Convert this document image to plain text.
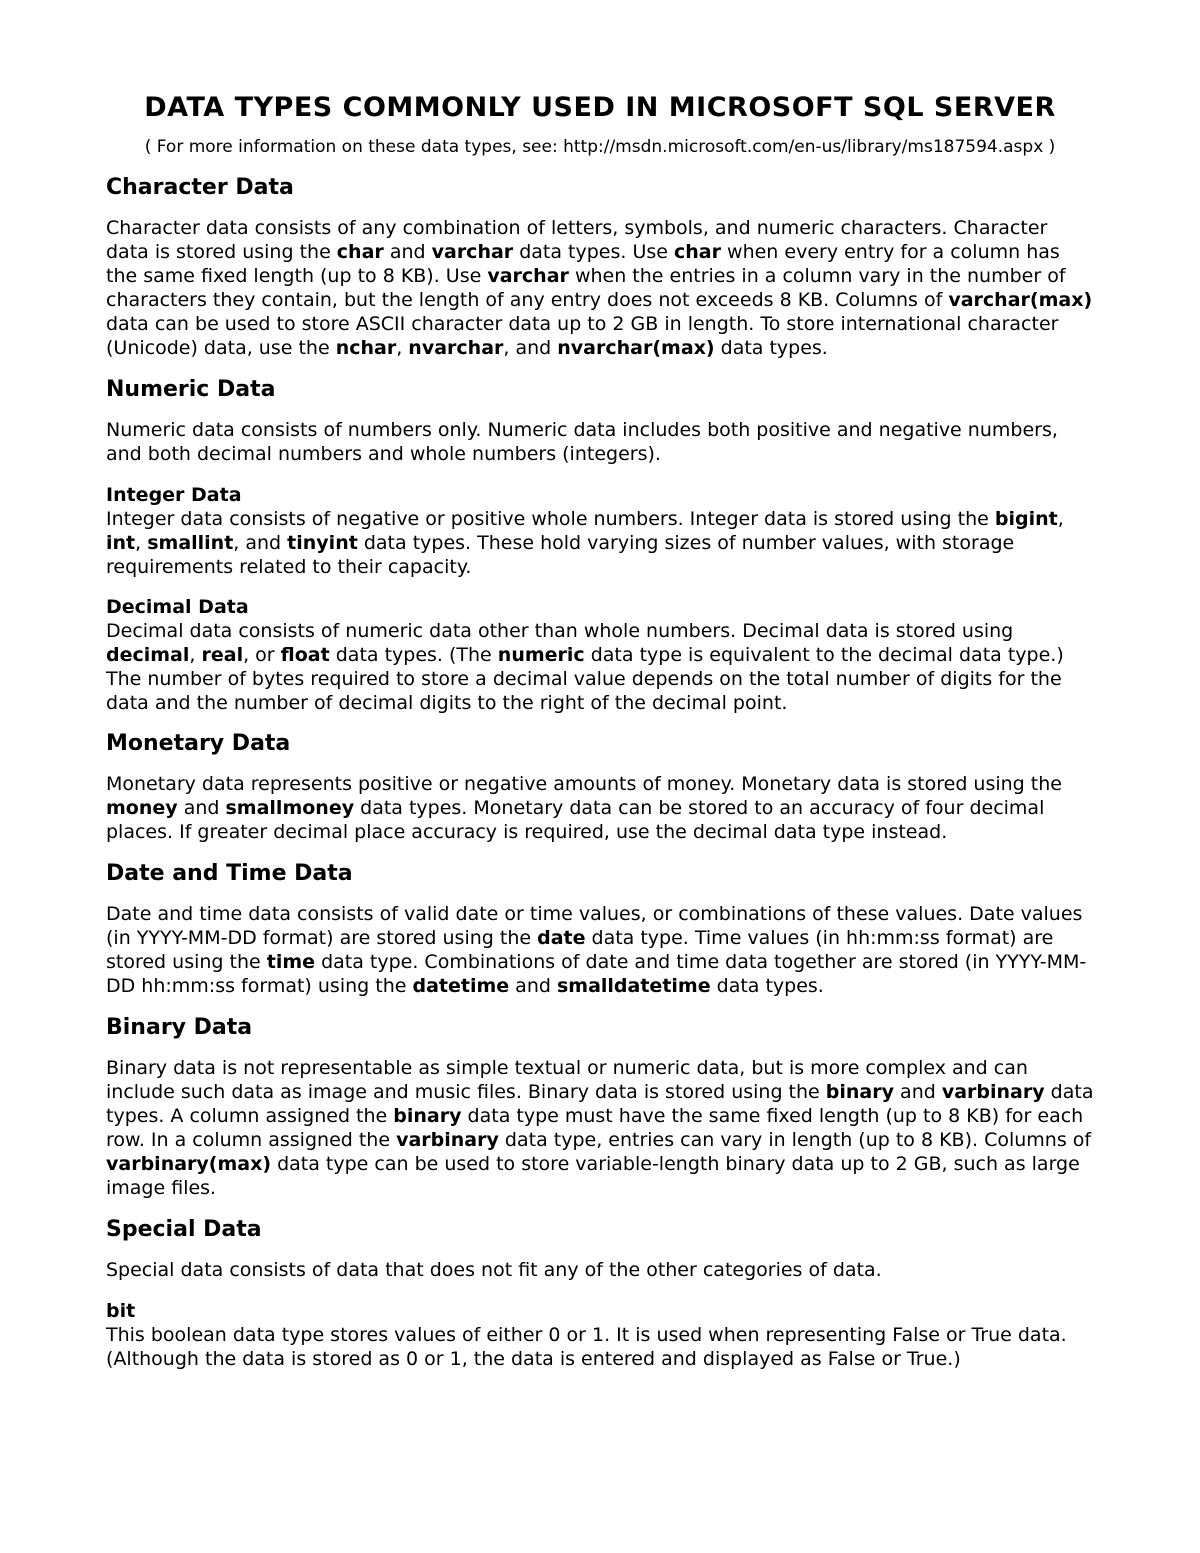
DATA TYPES COMMONLY USED IN MICROSOFT SQL SERVER

( For more information on these data types, see: http://msdn.microsoft.com/en-us/library/ms187594.aspx )

Character Data

Character data consists of any combination of letters, symbols, and numeric characters. Character data is stored using the char and varchar data types. Use char when every entry for a column has the same fixed length (up to 8 KB). Use varchar when the entries in a column vary in the number of characters they contain, but the length of any entry does not exceeds 8 KB. Columns of varchar(max) data can be used to store ASCII character data up to 2 GB in length. To store international character (Unicode) data, use the nchar, nvarchar, and nvarchar(max) data types.

Numeric Data

Numeric data consists of numbers only. Numeric data includes both positive and negative numbers, and both decimal numbers and whole numbers (integers).

Integer Data

Integer data consists of negative or positive whole numbers. Integer data is stored using the bigint, int, smallint, and tinyint data types. These hold varying sizes of number values, with storage requirements related to their capacity.

Decimal Data

Decimal data consists of numeric data other than whole numbers. Decimal data is stored using decimal, real, or float data types. (The numeric data type is equivalent to the decimal data type.) The number of bytes required to store a decimal value depends on the total number of digits for the data and the number of decimal digits to the right of the decimal point.

Monetary Data

Monetary data represents positive or negative amounts of money. Monetary data is stored using the money and smallmoney data types. Monetary data can be stored to an accuracy of four decimal places. If greater decimal place accuracy is required, use the decimal data type instead.

Date and Time Data

Date and time data consists of valid date or time values, or combinations of these values. Date values (in YYYY-MM-DD format) are stored using the date data type. Time values (in hh:mm:ss format) are stored using the time data type. Combinations of date and time data together are stored (in YYYY-MM-DD hh:mm:ss format) using the datetime and smalldatetime data types.

Binary Data

Binary data is not representable as simple textual or numeric data, but is more complex and can include such data as image and music files. Binary data is stored using the binary and varbinary data types. A column assigned the binary data type must have the same fixed length (up to 8 KB) for each row. In a column assigned the varbinary data type, entries can vary in length (up to 8 KB). Columns of varbinary(max) data type can be used to store variable-length binary data up to 2 GB, such as large image files.

Special Data

Special data consists of data that does not fit any of the other categories of data.

bit

This boolean data type stores values of either 0 or 1. It is used when representing False or True data. (Although the data is stored as 0 or 1, the data is entered and displayed as False or True.)
